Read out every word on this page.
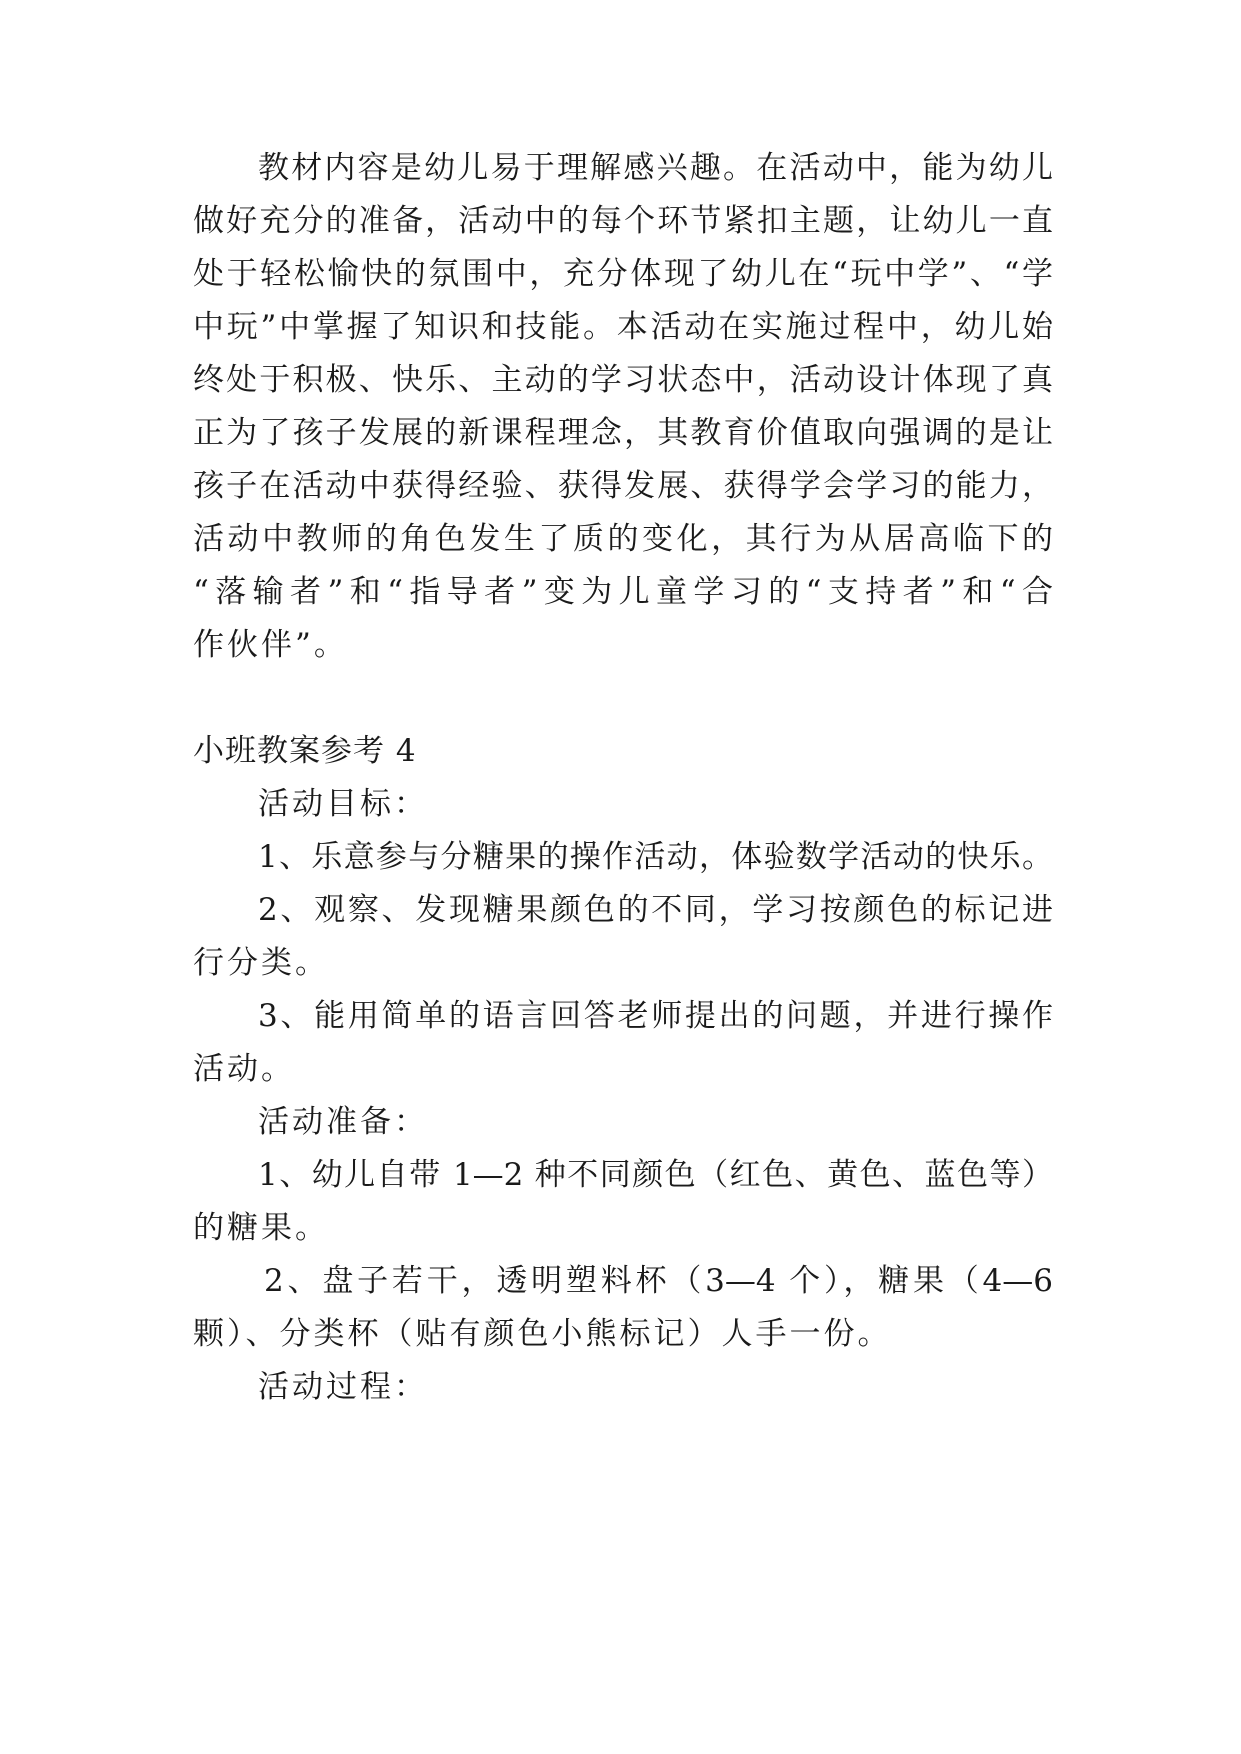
教材内容是幼儿易于理解感兴趣。在活动中，能为幼儿
做好充分的准备，活动中的每个环节紧扣主题，让幼儿一直
处于轻松愉快的氛围中，充分体现了幼儿在“玩中学”、“学
中玩”中掌握了知识和技能。本活动在实施过程中，幼儿始
终处于积极、快乐、主动的学习状态中，活动设计体现了真
正为了孩子发展的新课程理念，其教育价值取向强调的是让
孩子在活动中获得经验、获得发展、获得学会学习的能力，
活动中教师的角色发生了质的变化，其行为从居高临下的
“落输者”和“指导者”变为儿童学习的“支持者”和“合
作伙伴”。
小班教案参考 4
活动目标：
1、乐意参与分糖果的操作活动，体验数学活动的快乐。
2、观察、发现糖果颜色的不同，学习按颜色的标记进
行分类。
3、能用简单的语言回答老师提出的问题，并进行操作
活动。
活动准备：
1、幼儿自带 1—2 种不同颜色（红色、黄色、蓝色等）
的糖果。
2、盘子若干，透明塑料杯（3—4 个），糖果（4—6
颗）、分类杯（贴有颜色小熊标记）人手一份。
活动过程：
